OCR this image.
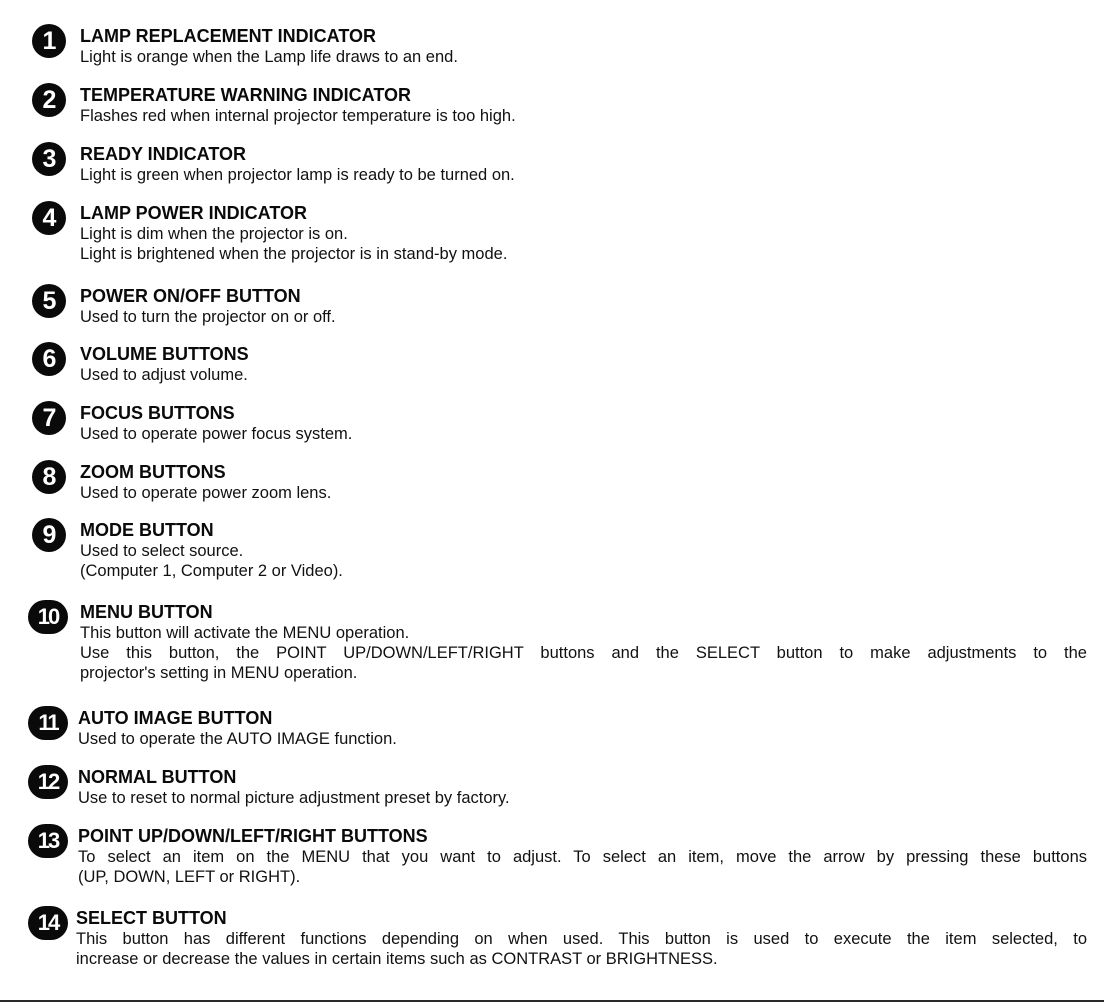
1	LAMP REPLACEMENT INDICATOR
Light is orange when the Lamp life draws to an end.
2	TEMPERATURE WARNING INDICATOR
Flashes red when internal projector temperature is too high.
3	READY INDICATOR
Light is green when projector lamp is ready to be turned on.
4	LAMP POWER INDICATOR
Light is dim when the projector is on.
Light is brightened when the projector is in stand-by mode.
5	POWER ON/OFF BUTTON
Used to turn the projector on or off.
6	VOLUME BUTTONS
Used to adjust volume.
7	FOCUS BUTTONS
Used to operate power focus system.
8	ZOOM BUTTONS
Used to operate power zoom lens.
9	MODE BUTTON
Used to select source.
(Computer 1, Computer 2 or Video).
10	MENU BUTTON
This button will activate the MENU operation.
Use this button, the POINT UP/DOWN/LEFT/RIGHT buttons and the SELECT button to make adjustments to the
projector's setting in MENU operation.
11	AUTO IMAGE BUTTON
Used to operate the AUTO IMAGE function.
12	NORMAL BUTTON
Use to reset to normal picture adjustment preset by factory.
13	POINT UP/DOWN/LEFT/RIGHT BUTTONS
To select an item on the MENU that you want to adjust. To select an item, move the arrow by pressing these buttons
(UP, DOWN, LEFT or RIGHT).
14 SELECT BUTTON
This button has different functions depending on when used. This button is used to execute the item selected, to
increase or decrease the values in certain items such as CONTRAST or BRIGHTNESS.
